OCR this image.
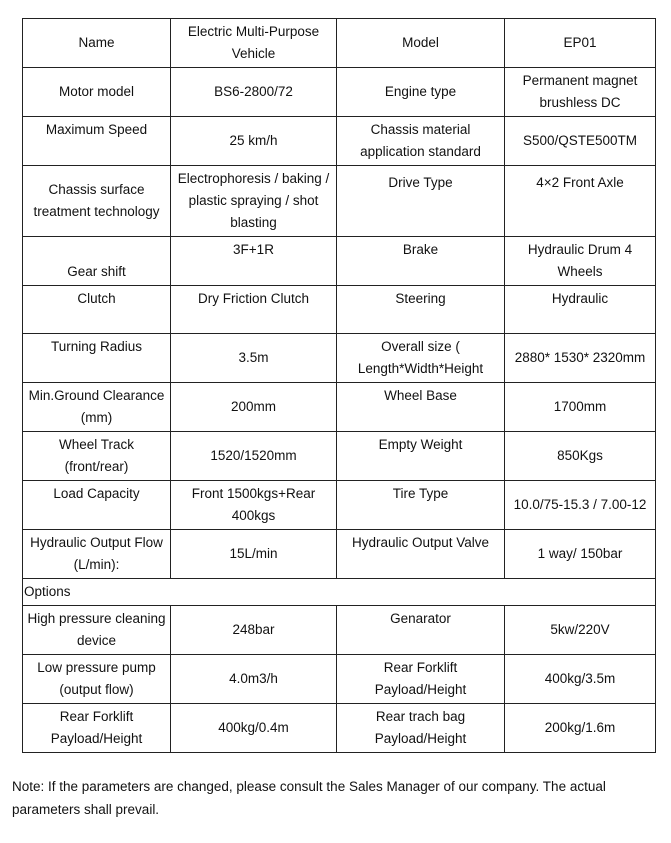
Name	Electric Multi-Purpose Vehicle	Model	EP01
Motor model	BS6-2800/72	Engine type	Permanent magnet brushless DC
Maximum Speed	25 km/h	Chassis material application standard	S500/QSTE500TM
Chassis surface treatment technology	Electrophoresis / baking / plastic spraying / shot blasting	Drive Type	4×2 Front Axle
Gear shift	3F+1R	Brake	Hydraulic Drum 4 Wheels
Clutch	Dry Friction Clutch	Steering	Hydraulic
Turning Radius	3.5m	Overall size ( Length*Width*Height	2880* 1530* 2320mm
Min.Ground Clearance (mm)	200mm	Wheel Base	1700mm
Wheel Track (front/rear)	1520/1520mm	Empty Weight	850Kgs
Load Capacity	Front 1500kgs+Rear 400kgs	Tire Type	10.0/75-15.3 / 7.00-12
Hydraulic Output Flow (L/min):	15L/min	Hydraulic Output Valve	1 way/ 150bar
Options			
High pressure cleaning device	248bar	Genarator	5kw/220V
Low pressure pump (output flow)	4.0m3/h	Rear Forklift Payload/Height	400kg/3.5m
Rear Forklift Payload/Height	400kg/0.4m	Rear trach bag Payload/Height	200kg/1.6m
Note: If the parameters are changed, please consult the Sales Manager of our company. The actual parameters shall prevail.
